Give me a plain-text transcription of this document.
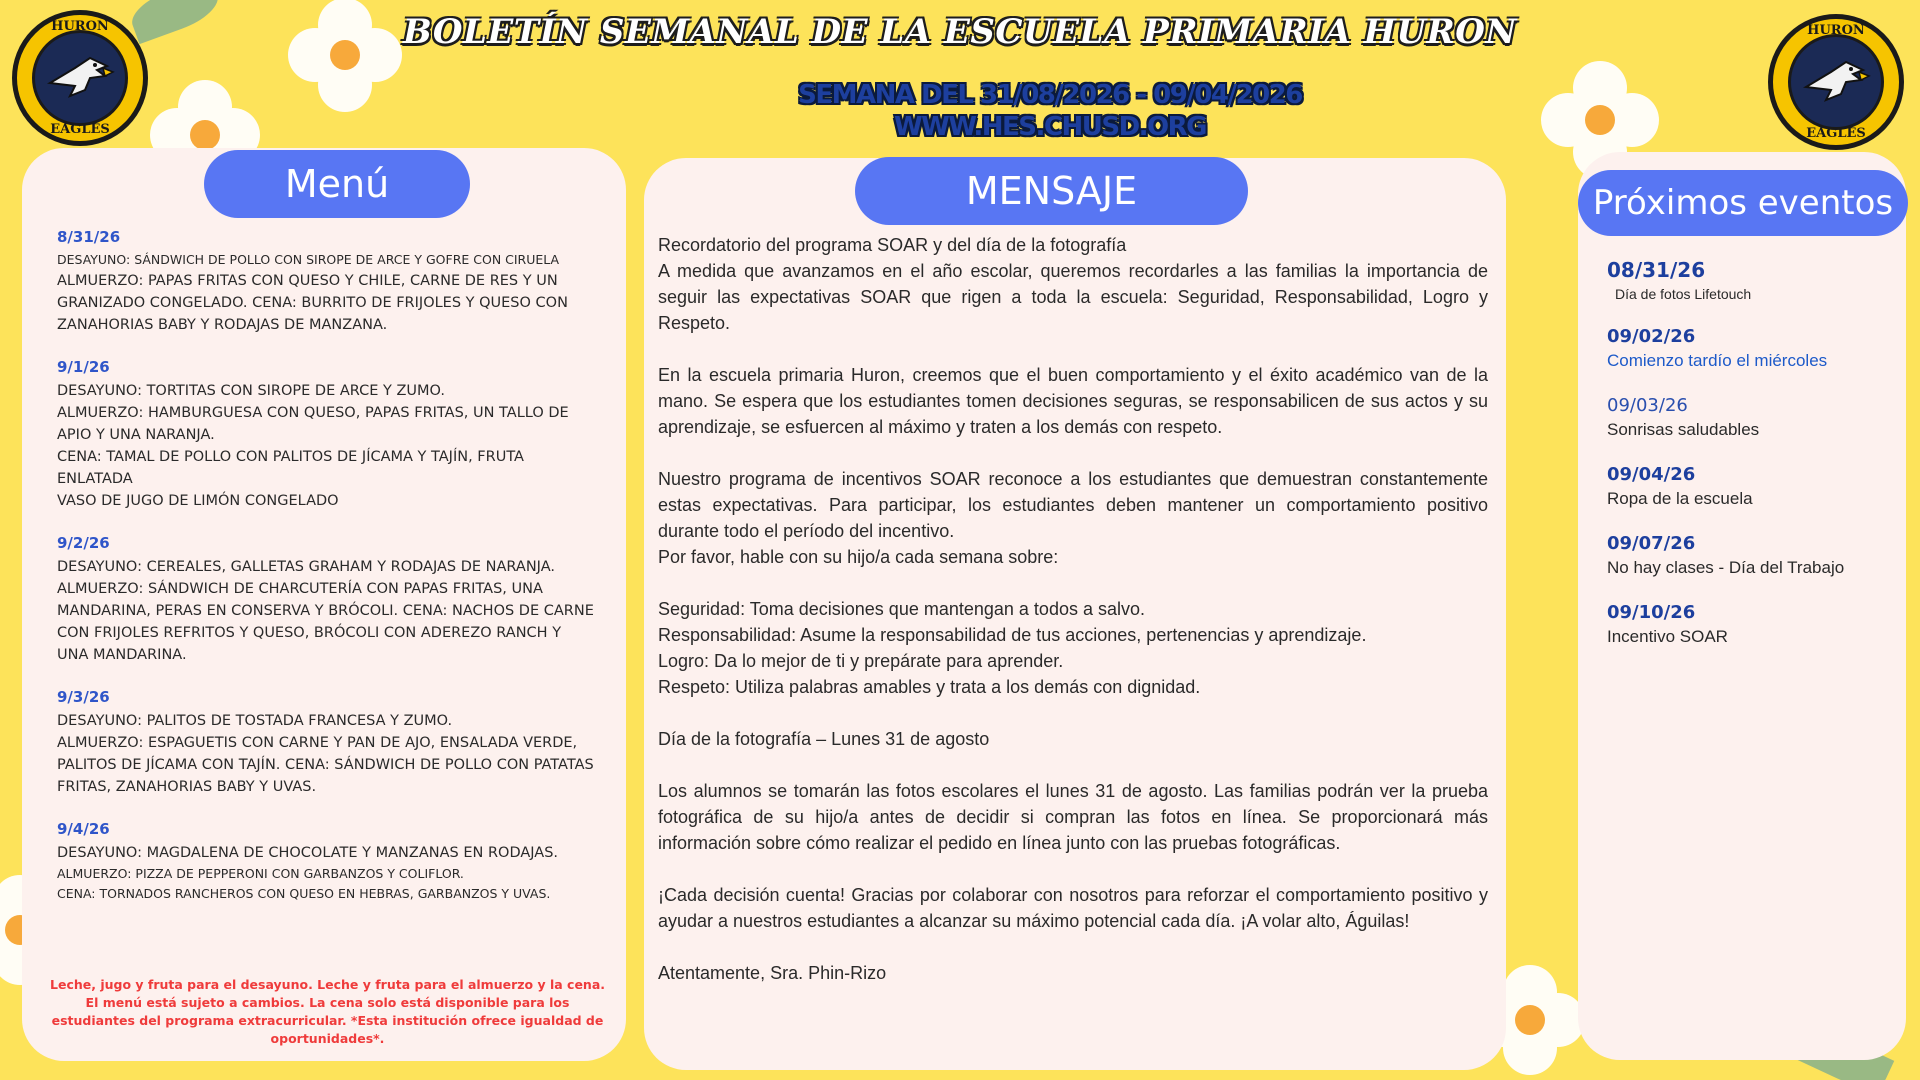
BOLETÍN SEMANAL DE LA ESCUELA PRIMARIA HURON
SEMANA DEL 31/08/2026 - 09/04/2026
WWW.HES.CHUSD.ORG
HURON
EAGLES
HURON
EAGLES
Menú
8/31/26
DESAYUNO: SÁNDWICH DE POLLO CON SIROPE DE ARCE Y GOFRE CON CIRUELA
ALMUERZO: PAPAS FRITAS CON QUESO Y CHILE, CARNE DE RES Y UN GRANIZADO CONGELADO. CENA: BURRITO DE FRIJOLES Y QUESO CON ZANAHORIAS BABY Y RODAJAS DE MANZANA.
9/1/26
DESAYUNO: TORTITAS CON SIROPE DE ARCE Y ZUMO.
ALMUERZO: HAMBURGUESA CON QUESO, PAPAS FRITAS, UN TALLO DE APIO Y UNA NARANJA.
CENA: TAMAL DE POLLO CON PALITOS DE JÍCAMA Y TAJÍN, FRUTA ENLATADA
VASO DE JUGO DE LIMÓN CONGELADO
9/2/26
DESAYUNO: CEREALES, GALLETAS GRAHAM Y RODAJAS DE NARANJA.
ALMUERZO: SÁNDWICH DE CHARCUTERÍA CON PAPAS FRITAS, UNA MANDARINA, PERAS EN CONSERVA Y BRÓCOLI. CENA: NACHOS DE CARNE CON FRIJOLES REFRITOS Y QUESO, BRÓCOLI CON ADEREZO RANCH Y UNA MANDARINA.
9/3/26
DESAYUNO: PALITOS DE TOSTADA FRANCESA Y ZUMO.
ALMUERZO: ESPAGUETIS CON CARNE Y PAN DE AJO, ENSALADA VERDE, PALITOS DE JÍCAMA CON TAJÍN. CENA: SÁNDWICH DE POLLO CON PATATAS FRITAS, ZANAHORIAS BABY Y UVAS.
9/4/26
DESAYUNO: MAGDALENA DE CHOCOLATE Y MANZANAS EN RODAJAS.
ALMUERZO: PIZZA DE PEPPERONI CON GARBANZOS Y COLIFLOR.
CENA: TORNADOS RANCHEROS CON QUESO EN HEBRAS, GARBANZOS Y UVAS.
Leche, jugo y fruta para el desayuno. Leche y fruta para el almuerzo y la cena. El menú está sujeto a cambios. La cena solo está disponible para los estudiantes del programa extracurricular. *Esta institución ofrece igualdad de oportunidades*.
MENSAJE

Recordatorio del programa SOAR y del día de la fotografía

A medida que avanzamos en el año escolar, queremos recordarles a las familias la importancia de seguir las expectativas SOAR que rigen a toda la escuela: Seguridad, Responsabilidad, Logro y Respeto.

En la escuela primaria Huron, creemos que el buen comportamiento y el éxito académico van de la mano. Se espera que los estudiantes tomen decisiones seguras, se responsabilicen de sus actos y su aprendizaje, se esfuercen al máximo y traten a los demás con respeto.

Nuestro programa de incentivos SOAR reconoce a los estudiantes que demuestran constantemente estas expectativas. Para participar, los estudiantes deben mantener un comportamiento positivo durante todo el período del incentivo.

Por favor, hable con su hijo/a cada semana sobre:

Seguridad: Toma decisiones que mantengan a todos a salvo.

Responsabilidad: Asume la responsabilidad de tus acciones, pertenencias y aprendizaje.

Logro: Da lo mejor de ti y prepárate para aprender.

Respeto: Utiliza palabras amables y trata a los demás con dignidad.

Día de la fotografía – Lunes 31 de agosto

Los alumnos se tomarán las fotos escolares el lunes 31 de agosto. Las familias podrán ver la prueba fotográfica de su hijo/a antes de decidir si compran las fotos en línea. Se proporcionará más información sobre cómo realizar el pedido en línea junto con las pruebas fotográficas.

¡Cada decisión cuenta! Gracias por colaborar con nosotros para reforzar el comportamiento positivo y ayudar a nuestros estudiantes a alcanzar su máximo potencial cada día. ¡A volar alto, Águilas!

Atentamente, Sra. Phin-Rizo

Próximos eventos
08/31/26
Día de fotos Lifetouch
09/02/26
Comienzo tardío el miércoles
09/03/26
Sonrisas saludables
09/04/26
Ropa de la escuela
09/07/26
No hay clases - Día del Trabajo
09/10/26
Incentivo SOAR
